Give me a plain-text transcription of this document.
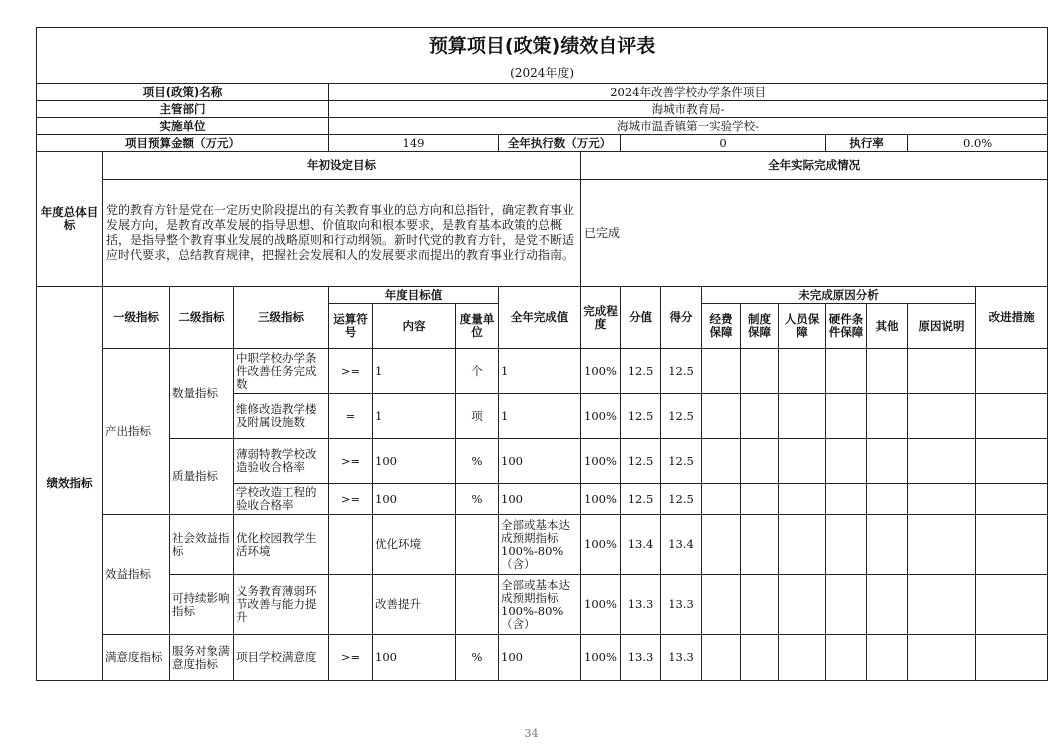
预算项目(政策)绩效自评表																	
(2024年度)																	
项目(政策)名称				2024年改善学校办学条件项目													
主管部门				海城市教育局-													
实施单位				海城市温香镇第一实验学校-													
项目预算金额（万元）				149			全年执行数（万元）		0					执行率		0.0%	
年度总体目标	年初设定目标							全年实际完成情况									
	党的教育方针是党在一定历史阶段提出的有关教育事业的总方向和总指针，确定教育事业发展方向，是教育改革发展的指导思想、价值取向和根本要求，是教育基本政策的总概括，是指导整个教育事业发展的战略原则和行动纲领。新时代党的教育方针，是党不断适应时代要求，总结教育规律，把握社会发展和人的发展要求而提出的教育事业行动指南。							已完成									
绩效指标	一级指标	二级指标	三级指标	年度目标值			全年完成值	完成程度	分值	得分	未完成原因分析						改进措施
				运算符号	内容	度量单位					经费保障	制度保障	人员保障	硬件条件保障	其他	原因说明	
	产出指标	数量指标	中职学校办学条件改善任务完成数	>=	1	个	1	100%	12.5	12.5							
			维修改造教学楼及附属设施数	=	1	项	1	100%	12.5	12.5							
		质量指标	薄弱特教学校改造验收合格率	>=	100	%	100	100%	12.5	12.5							
			学校改造工程的验收合格率	>=	100	%	100	100%	12.5	12.5							
	效益指标	社会效益指标	优化校园教学生活环境		优化环境		全部或基本达成预期指标100%-80%（含）	100%	13.4	13.4							
		可持续影响指标	义务教育薄弱环节改善与能力提升		改善提升		全部或基本达成预期指标100%-80%（含）	100%	13.3	13.3							
	满意度指标	服务对象满意度指标	项目学校满意度	>=	100	%	100	100%	13.3	13.3							
34
